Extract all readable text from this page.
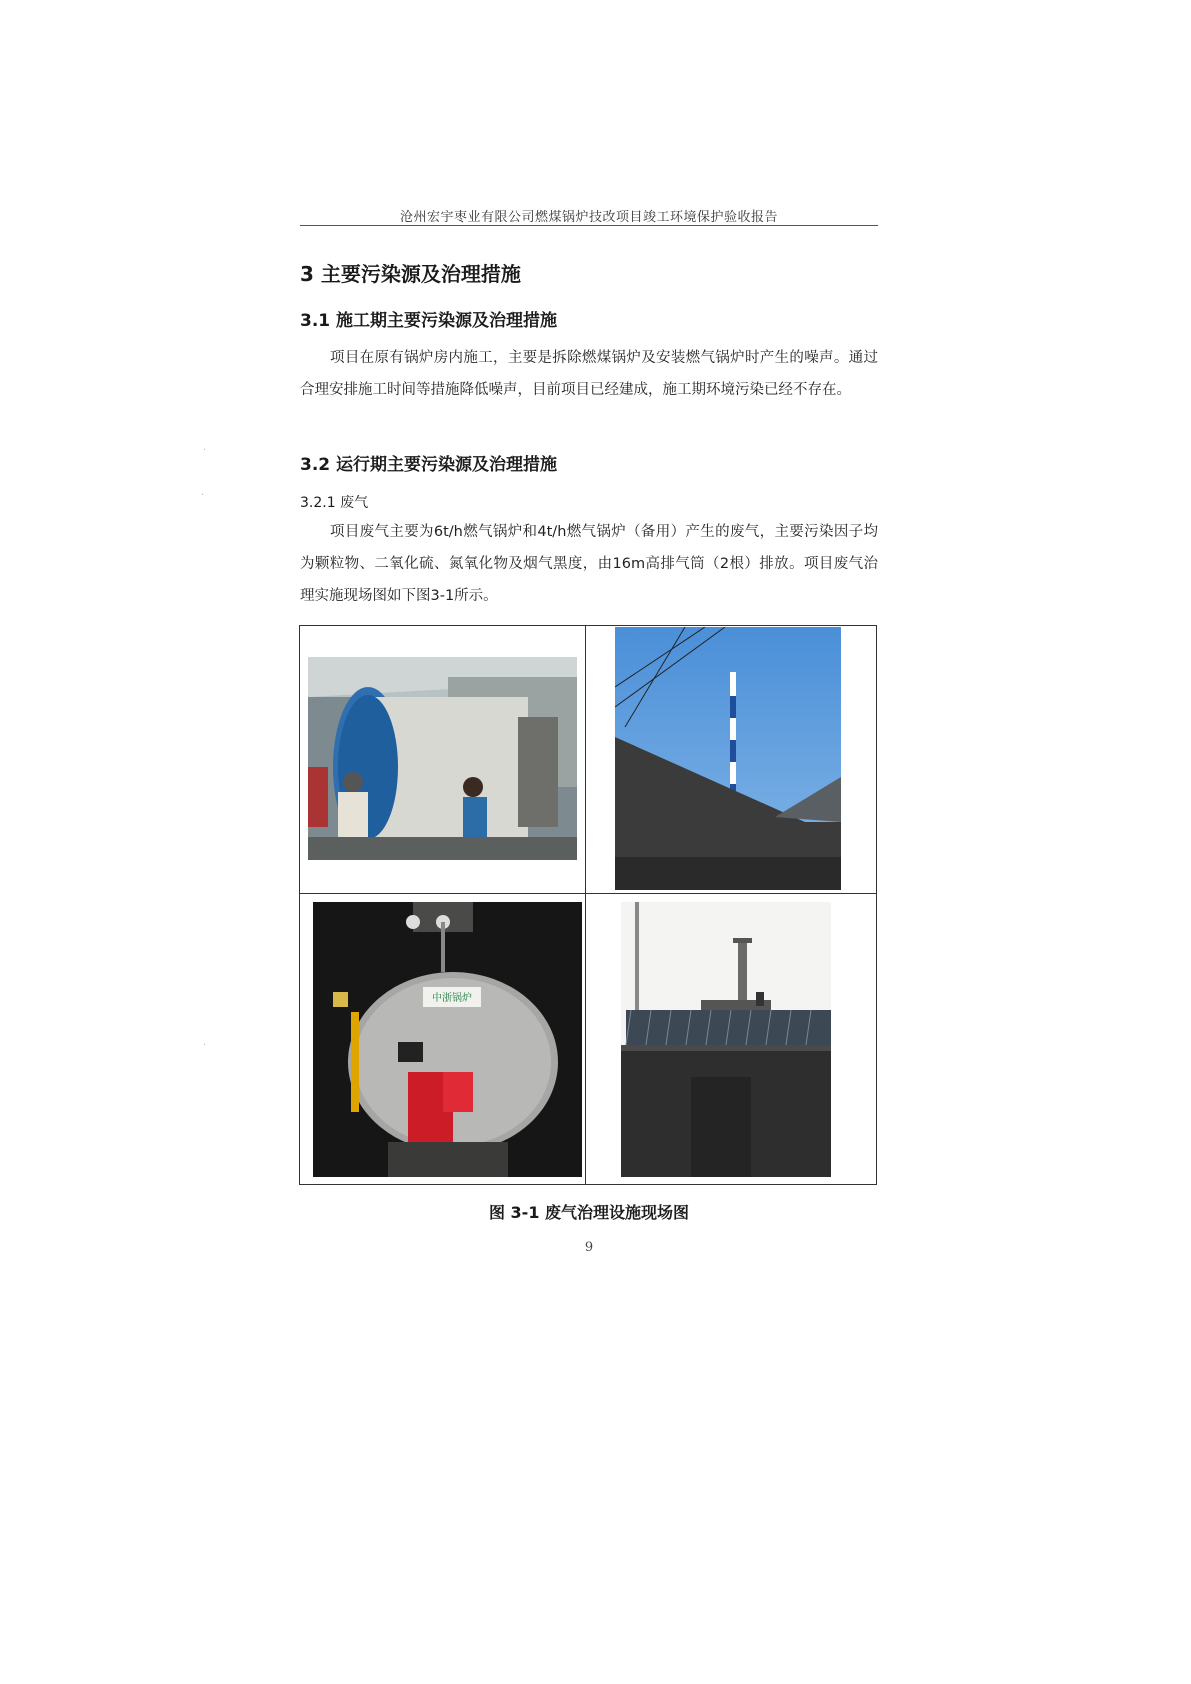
沧州宏宇枣业有限公司燃煤锅炉技改项目竣工环境保护验收报告
3 主要污染源及治理措施
3.1 施工期主要污染源及治理措施

项目在原有锅炉房内施工，主要是拆除燃煤锅炉及安装燃气锅炉时产生的噪声。通过合理安排施工时间等措施降低噪声，目前项目已经建成，施工期环境污染已经不存在。

3.2 运行期主要污染源及治理措施
3.2.1 废气

项目废气主要为6t/h燃气锅炉和4t/h燃气锅炉（备用）产生的废气，主要污染因子均为颗粒物、二氧化硫、氮氧化物及烟气黑度，由16m高排气筒（2根）排放。项目废气治理实施现场图如下图3-1所示。

中浙锅炉
图 3-1 废气治理设施现场图
9
·
·
·
